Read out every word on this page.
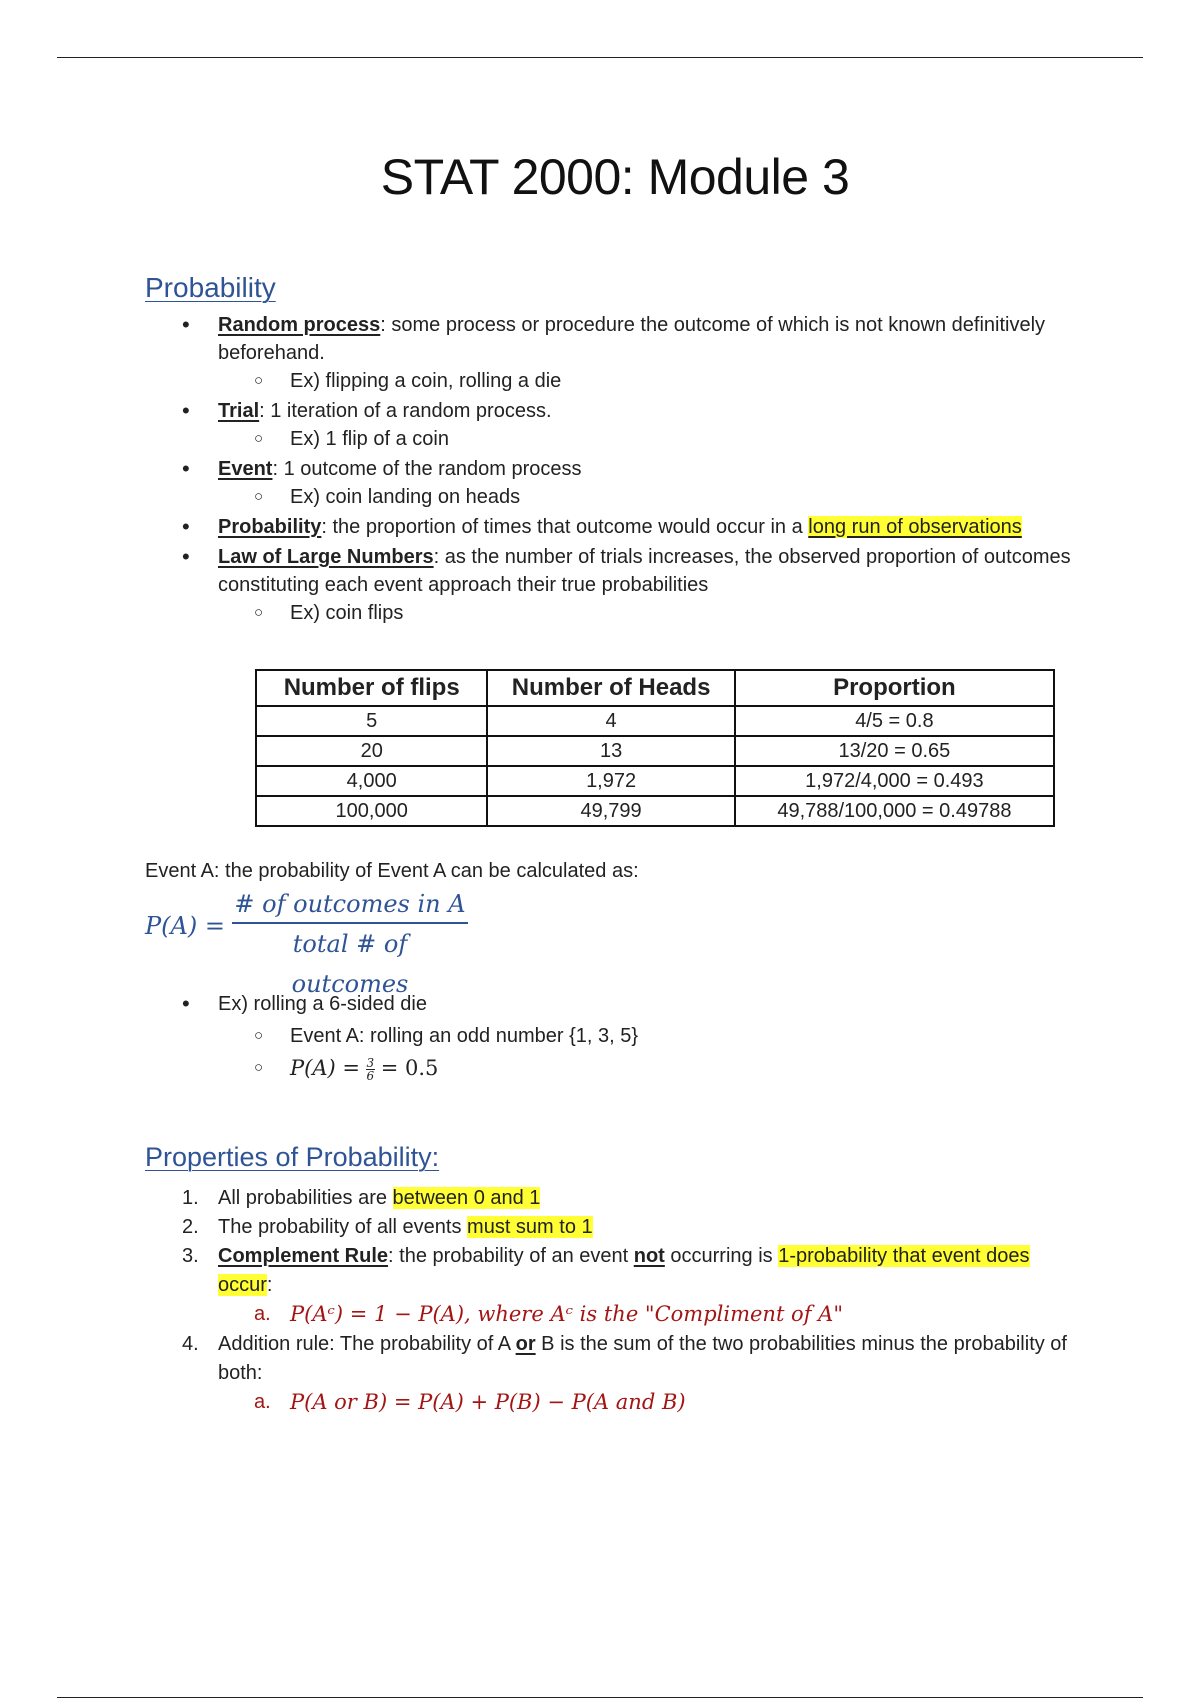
STAT 2000: Module 3
Probability
• Random process: some process or procedure the outcome of which is not known definitively beforehand.
○ Ex) flipping a coin, rolling a die
• Trial: 1 iteration of a random process.
○ Ex) 1 flip of a coin
• Event: 1 outcome of the random process
○ Ex) coin landing on heads
• Probability: the proportion of times that outcome would occur in a long run of observations
• Law of Large Numbers: as the number of trials increases, the observed proportion of outcomes constituting each event approach their true probabilities
○ Ex) coin flips
Number of flips	Number of Heads	Proportion
5	4	4/5 = 0.8
20	13	13/20 = 0.65
4,000	1,972	1,972/4,000 = 0.493
100,000	49,799	49,788/100,000 = 0.49788
Event A: the probability of Event A can be calculated as:
P(A) =
# of outcomes in A
total # of outcomes
• Ex) rolling a 6-sided die
○ Event A: rolling an odd number {1, 3, 5}
○ $P(A) = \frac{3}{6} = 0.5$
Properties of Probability:
1. All probabilities are between 0 and 1
2. The probability of all events must sum to 1
3. Complement Rule: the probability of an event not occurring is 1-probability that event does occur:
a. P(Aᶜ) = 1 − P(A), where Aᶜ is the "Compliment of A"
4. Addition rule: The probability of A or B is the sum of the two probabilities minus the probability of both:
a. P(A or B) = P(A) + P(B) − P(A and B)
